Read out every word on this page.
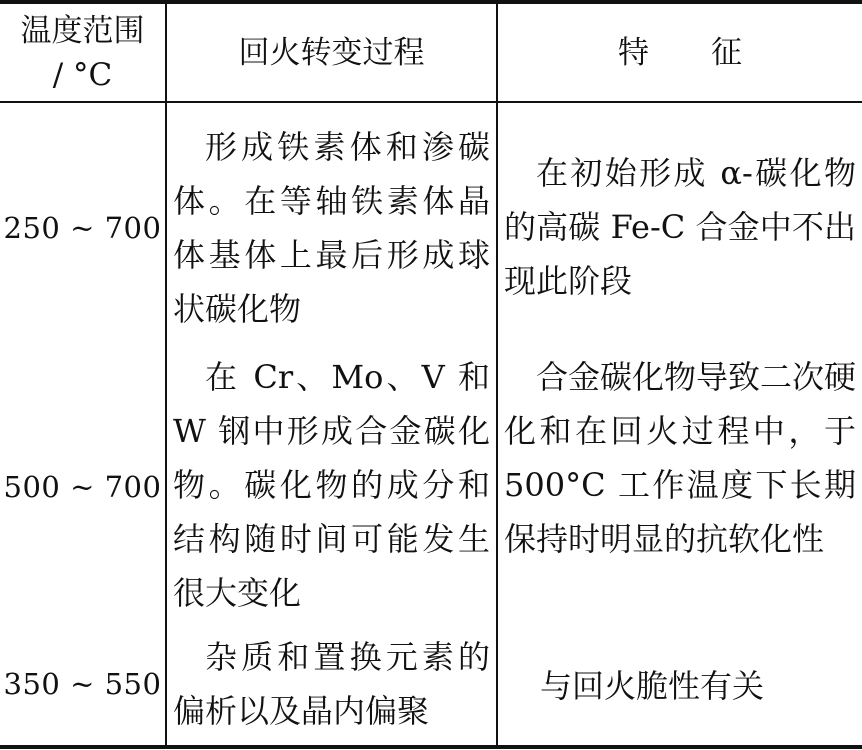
温度范围
/ °C
回火转变过程	特　　征
250 ~ 700
形成铁素体和渗碳体。在等轴铁素体晶体基体上最后形成球状碳化物
在初始形成 α-碳化物的高碳 Fe-C 合金中不出现此阶段
500 ~ 700
在 Cr、Mo、V 和 W 钢中形成合金碳化物。碳化物的成分和结构随时间可能发生很大变化
合金碳化物导致二次硬化和在回火过程中，于 500°C 工作温度下长期保持时明显的抗软化性
350 ~ 550
杂质和置换元素的偏析以及晶内偏聚
与回火脆性有关
